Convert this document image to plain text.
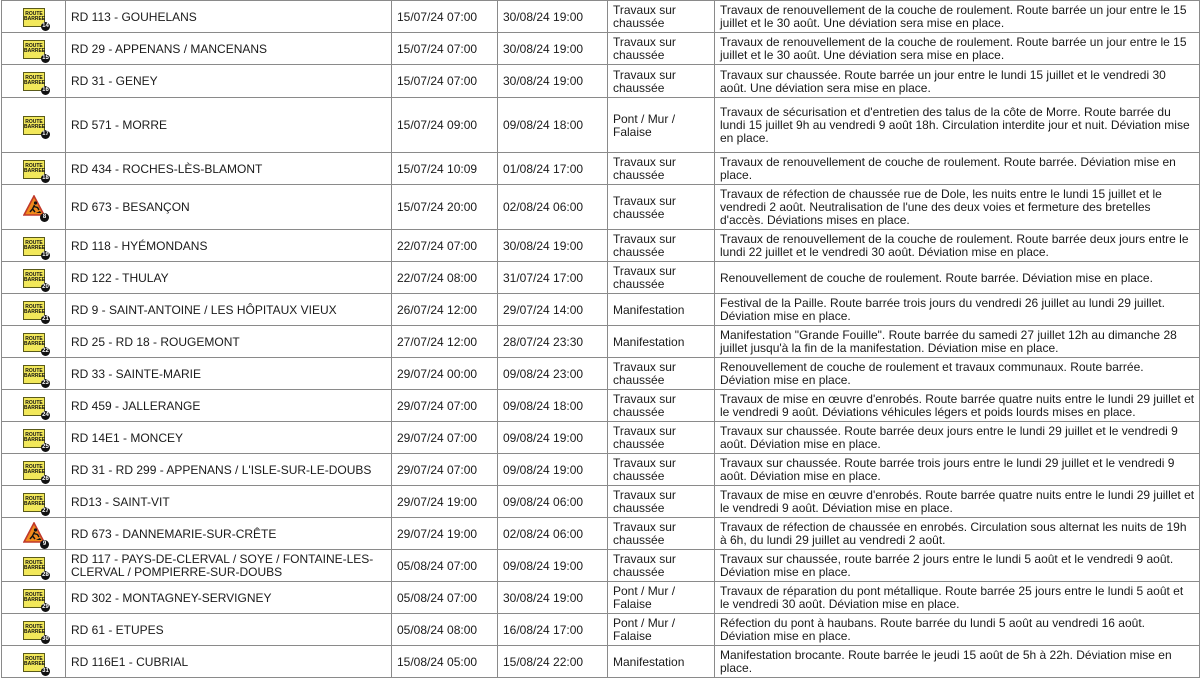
ROUTE BARREE
14	RD 113 - GOUHELANS	15/07/24 07:00	30/08/24 19:00	Travaux sur chaussée	Travaux de renouvellement de la couche de roulement. Route barrée un jour entre le 15 juillet et le 30 août. Une déviation sera mise en place.
ROUTE BARREE
15	RD 29 - APPENANS / MANCENANS	15/07/24 07:00	30/08/24 19:00	Travaux sur chaussée	Travaux de renouvellement de la couche de roulement. Route barrée un jour entre le 15 juillet et le 30 août. Une déviation sera mise en place.
ROUTE BARREE
16	RD 31 - GENEY	15/07/24 07:00	30/08/24 19:00	Travaux sur chaussée	Travaux sur chaussée. Route barrée un jour entre le lundi 15 juillet et le vendredi 30 août. Une déviation sera mise en place.
ROUTE BARREE
17	RD 571 - MORRE	15/07/24 09:00	09/08/24 18:00	Pont / Mur / Falaise	Travaux de sécurisation et d'entretien des talus de la côte de Morre. Route barrée du lundi 15 juillet 9h au vendredi 9 août 18h. Circulation interdite jour et nuit. Déviation mise en place.
ROUTE BARREE
18	RD 434 - ROCHES-LÈS-BLAMONT	15/07/24 10:09	01/08/24 17:00	Travaux sur chaussée	Travaux de renouvellement de couche de roulement. Route barrée. Déviation mise en place.

8	RD 673 - BESANÇON	15/07/24 20:00	02/08/24 06:00	Travaux sur chaussée	Travaux de réfection de chaussée rue de Dole, les nuits entre le lundi 15 juillet et le vendredi 2 août. Neutralisation de l'une des deux voies et fermeture des bretelles d'accès. Déviations mises en place.
ROUTE BARREE
19	RD 118 - HYÉMONDANS	22/07/24 07:00	30/08/24 19:00	Travaux sur chaussée	Travaux de renouvellement de la couche de roulement. Route barrée deux jours entre le lundi 22 juillet et le vendredi 30 août. Déviation mise en place.
ROUTE BARREE
20	RD 122 - THULAY	22/07/24 08:00	31/07/24 17:00	Travaux sur chaussée	Renouvellement de couche de roulement. Route barrée. Déviation mise en place.
ROUTE BARREE
21	RD 9 - SAINT-ANTOINE / LES HÔPITAUX VIEUX	26/07/24 12:00	29/07/24 14:00	Manifestation	Festival de la Paille. Route barrée trois jours du vendredi 26 juillet au lundi 29 juillet. Déviation mise en place.
ROUTE BARREE
22	RD 25 - RD 18 - ROUGEMONT	27/07/24 12:00	28/07/24 23:30	Manifestation	Manifestation "Grande Fouille". Route barrée du samedi 27 juillet 12h au dimanche 28 juillet jusqu'à la fin de la manifestation. Déviation mise en place.
ROUTE BARREE
23	RD 33 - SAINTE-MARIE	29/07/24 00:00	09/08/24 23:00	Travaux sur chaussée	Renouvellement de couche de roulement et travaux communaux. Route barrée. Déviation mise en place.
ROUTE BARREE
24	RD 459 - JALLERANGE	29/07/24 07:00	09/08/24 18:00	Travaux sur chaussée	Travaux de mise en œuvre d'enrobés. Route barrée quatre nuits entre le lundi 29 juillet et le vendredi 9 août. Déviations véhicules légers et poids lourds mises en place.
ROUTE BARREE
25	RD 14E1 - MONCEY	29/07/24 07:00	09/08/24 19:00	Travaux sur chaussée	Travaux sur chaussée. Route barrée deux jours entre le lundi 29 juillet et le vendredi 9 août. Déviation mise en place.
ROUTE BARREE
26	RD 31 - RD 299 - APPENANS / L'ISLE-SUR-LE-DOUBS	29/07/24 07:00	09/08/24 19:00	Travaux sur chaussée	Travaux sur chaussée. Route barrée trois jours entre le lundi 29 juillet et le vendredi 9 août. Déviation mise en place.
ROUTE BARREE
27	RD13 - SAINT-VIT	29/07/24 19:00	09/08/24 06:00	Travaux sur chaussée	Travaux de mise en œuvre d'enrobés. Route barrée quatre nuits entre le lundi 29 juillet et le vendredi 9 août. Déviation mise en place.

9	RD 673 - DANNEMARIE-SUR-CRÊTE	29/07/24 19:00	02/08/24 06:00	Travaux sur chaussée	Travaux de réfection de chaussée en enrobés. Circulation sous alternat les nuits de 19h à 6h, du lundi 29 juillet au vendredi 2 août.
ROUTE BARREE
28	RD 117 - PAYS-DE-CLERVAL / SOYE / FONTAINE-LES-CLERVAL / POMPIERRE-SUR-DOUBS	05/08/24 07:00	09/08/24 19:00	Travaux sur chaussée	Travaux sur chaussée, route barrée 2 jours entre le lundi 5 août et le vendredi 9 août. Déviation mise en place.
ROUTE BARREE
29	RD 302 - MONTAGNEY-SERVIGNEY	05/08/24 07:00	30/08/24 19:00	Pont / Mur / Falaise	Travaux de réparation du pont métallique. Route barrée 25 jours entre le lundi 5 août et le vendredi 30 août. Déviation mise en place.
ROUTE BARREE
30	RD 61 - ETUPES	05/08/24 08:00	16/08/24 17:00	Pont / Mur / Falaise	Réfection du pont à haubans. Route barrée du lundi 5 août au vendredi 16 août. Déviation mise en place.
ROUTE BARREE
31	RD 116E1 - CUBRIAL	15/08/24 05:00	15/08/24 22:00	Manifestation	Manifestation brocante. Route barrée le jeudi 15 août de 5h à 22h. Déviation mise en place.
